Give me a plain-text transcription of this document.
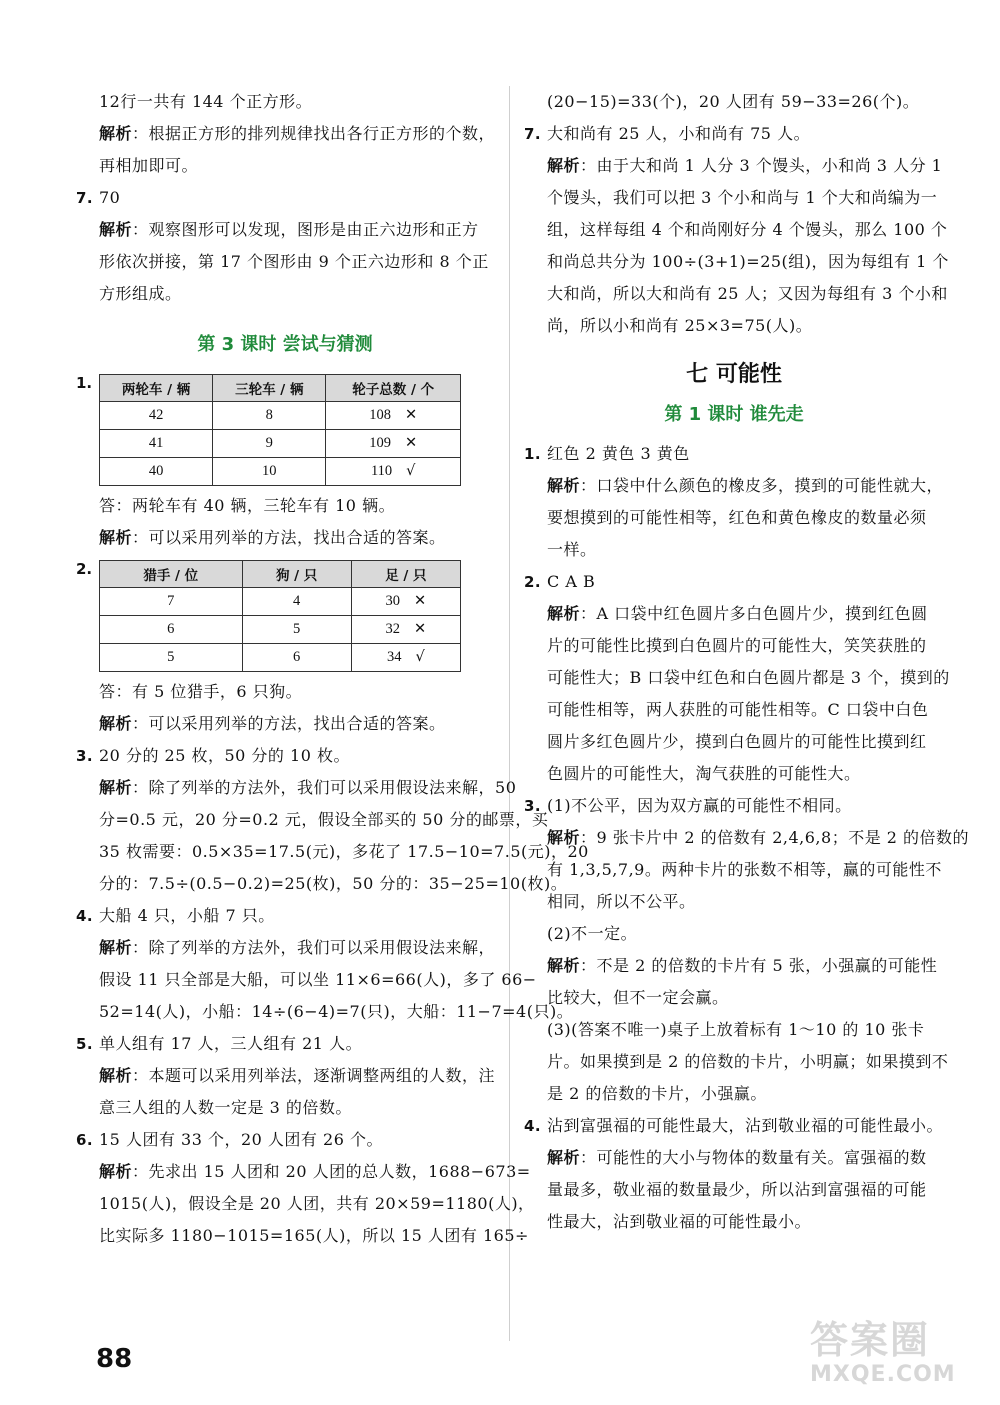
12行一共有 144 个正方形。
解析：根据正方形的排列规律找出各行正方形的个数，
再相加即可。
7. 70
解析：观察图形可以发现，图形是由正六边形和正方
形依次拼接，第 17 个图形由 9 个正六边形和 8 个正
方形组成。
第 3 课时 尝试与猜测
1. 两轮车 / 辆	三轮车 / 辆	轮子总数 / 个
42	8	108 ✕
41	9	109 ✕
40	10	110 √
答：两轮车有 40 辆，三轮车有 10 辆。
解析：可以采用列举的方法，找出合适的答案。
2.	猎手 / 位	狗 / 只	足 / 只
7	4	30 ✕
6	5	32 ✕
5	6	34 √
答：有 5 位猎手，6 只狗。
解析：可以采用列举的方法，找出合适的答案。
3. 20 分的 25 枚，50 分的 10 枚。
解析：除了列举的方法外，我们可以采用假设法来解，50
分=0.5 元，20 分=0.2 元，假设全部买的 50 分的邮票，买
35 枚需要：0.5×35=17.5(元)，多花了 17.5−10=7.5(元)，20
分的：7.5÷(0.5−0.2)=25(枚)，50 分的：35−25=10(枚)。
4. 大船 4 只，小船 7 只。
解析：除了列举的方法外，我们可以采用假设法来解，
假设 11 只全部是大船，可以坐 11×6=66(人)，多了 66−
52=14(人)，小船：14÷(6−4)=7(只)，大船：11−7=4(只)。
5. 单人组有 17 人，三人组有 21 人。
解析：本题可以采用列举法，逐渐调整两组的人数，注
意三人组的人数一定是 3 的倍数。
6. 15 人团有 33 个，20 人团有 26 个。
解析：先求出 15 人团和 20 人团的总人数，1688−673=
1015(人)，假设全是 20 人团，共有 20×59=1180(人)，
比实际多 1180−1015=165(人)，所以 15 人团有 165÷
(20−15)=33(个)，20 人团有 59−33=26(个)。
7. 大和尚有 25 人，小和尚有 75 人。
解析：由于大和尚 1 人分 3 个馒头，小和尚 3 人分 1
个馒头，我们可以把 3 个小和尚与 1 个大和尚编为一
组，这样每组 4 个和尚刚好分 4 个馒头，那么 100 个
和尚总共分为 100÷(3+1)=25(组)，因为每组有 1 个
大和尚，所以大和尚有 25 人；又因为每组有 3 个小和
尚，所以小和尚有 25×3=75(人)。
七 可能性
第 1 课时 谁先走
1. 红色 2 黄色 3 黄色
解析：口袋中什么颜色的橡皮多，摸到的可能性就大，
要想摸到的可能性相等，红色和黄色橡皮的数量必须
一样。
2. C A B
解析：A 口袋中红色圆片多白色圆片少，摸到红色圆
片的可能性比摸到白色圆片的可能性大，笑笑获胜的
可能性大；B 口袋中红色和白色圆片都是 3 个，摸到的
可能性相等，两人获胜的可能性相等。C 口袋中白色
圆片多红色圆片少，摸到白色圆片的可能性比摸到红
色圆片的可能性大，淘气获胜的可能性大。
3. (1)不公平，因为双方赢的可能性不相同。
解析：9 张卡片中 2 的倍数有 2,4,6,8；不是 2 的倍数的
有 1,3,5,7,9。两种卡片的张数不相等，赢的可能性不
相同，所以不公平。
(2)不一定。
解析：不是 2 的倍数的卡片有 5 张，小强赢的可能性
比较大，但不一定会赢。
(3)(答案不唯一)桌子上放着标有 1～10 的 10 张卡
片。如果摸到是 2 的倍数的卡片，小明赢；如果摸到不
是 2 的倍数的卡片，小强赢。
4. 沾到富强福的可能性最大，沾到敬业福的可能性最小。
解析：可能性的大小与物体的数量有关。富强福的数
量最多，敬业福的数量最少，所以沾到富强福的可能
性最大，沾到敬业福的可能性最小。
88	答案圈
MXQE.COM
